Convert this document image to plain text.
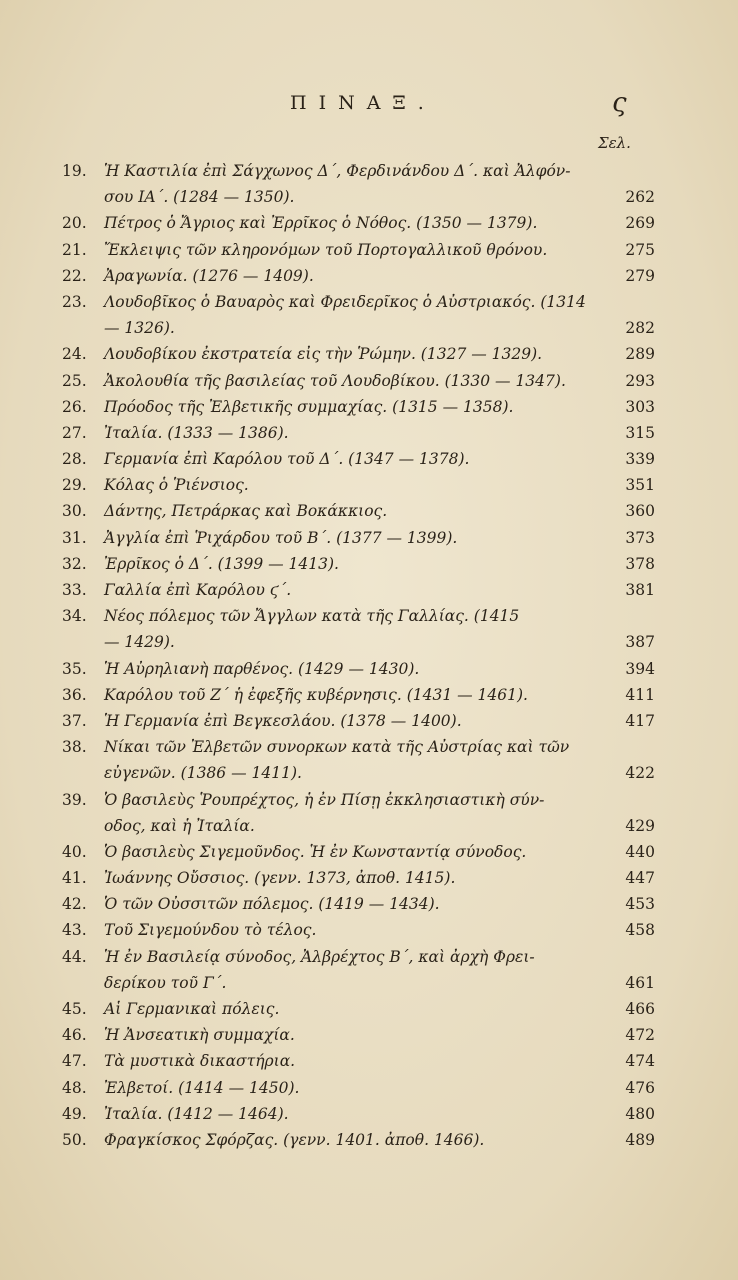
ΠΙΝΑΞ.	ς
Σελ.
19.	Ἡ Καστιλία ἐπὶ Σάγχωνος Δ΄, Φερδινάνδου Δ΄. καὶ Ἀλφόν-
σου ΙΑ΄. (1284 — 1350).	262
20.	Πέτρος ὁ Ἄγριος καὶ Ἐρρῖκος ὁ Νόθος. (1350 — 1379).	269
21.	Ἔκλειψις τῶν κληρονόμων τοῦ Πορτογαλλικοῦ θρόνου.	275
22.	Ἀραγωνία. (1276 — 1409).	279
23.	Λουδοβῖκος ὁ Βαυαρὸς καὶ Φρειδερῖκος ὁ Αὐστριακός. (1314
— 1326).	282
24.	Λουδοβίκου ἐκστρατεία εἰς τὴν Ῥώμην. (1327 — 1329).	289
25.	Ἀκολουθία τῆς βασιλείας τοῦ Λουδοβίκου. (1330 — 1347).	293
26.	Πρόοδος τῆς Ἐλβετικῆς συμμαχίας. (1315 — 1358).	303
27.	Ἰταλία. (1333 — 1386).	315
28.	Γερμανία ἐπὶ Καρόλου τοῦ Δ΄. (1347 — 1378).	339
29.	Κόλας ὁ Ῥιένσιος.	351
30.	Δάντης, Πετράρκας καὶ Βοκάκκιος.	360
31.	Ἀγγλία ἐπὶ Ῥιχάρδου τοῦ Β΄. (1377 — 1399).	373
32.	Ἐρρῖκος ὁ Δ΄. (1399 — 1413).	378
33.	Γαλλία ἐπὶ Καρόλου ϛ΄.	381
34.	Νέος πόλεμος τῶν Ἄγγλων κατὰ τῆς Γαλλίας. (1415
— 1429).	387
35.	Ἡ Αὐρηλιανὴ παρθένος. (1429 — 1430).	394
36.	Καρόλου τοῦ Ζ΄ ἡ ἐφεξῆς κυβέρνησις. (1431 — 1461).	411
37.	Ἡ Γερμανία ἐπὶ Βεγκεσλάου. (1378 — 1400).	417
38.	Νίκαι τῶν Ἐλβετῶν συνορκων κατὰ τῆς Αὐστρίας καὶ τῶν
εὐγενῶν. (1386 — 1411).	422
39.	Ὁ βασιλεὺς Ῥουπρέχτος, ἡ ἐν Πίσῃ ἐκκλησιαστικὴ σύν-
οδος, καὶ ἡ Ἰταλία.	429
40.	Ὁ βασιλεὺς Σιγεμοῦνδος. Ἡ ἐν Κωνσταντίᾳ σύνοδος.	440
41.	Ἰωάννης Οὔσσιος. (γενν. 1373, ἀποθ. 1415).	447
42.	Ὁ τῶν Οὐσσιτῶν πόλεμος. (1419 — 1434).	453
43.	Τοῦ Σιγεμούνδου τὸ τέλος.	458
44.	Ἡ ἐν Βασιλείᾳ σύνοδος, Ἀλβρέχτος Β΄, καὶ ἀρχὴ Φρει-
δερίκου τοῦ Γ΄.	461
45.	Αἱ Γερμανικαὶ πόλεις.	466
46.	Ἡ Ἀνσεατικὴ συμμαχία.	472
47.	Τὰ μυστικὰ δικαστήρια.	474
48.	Ἐλβετοί. (1414 — 1450).	476
49.	Ἰταλία. (1412 — 1464).	480
50.	Φραγκίσκος Σφόρζας. (γενν. 1401. ἀποθ. 1466).	489
